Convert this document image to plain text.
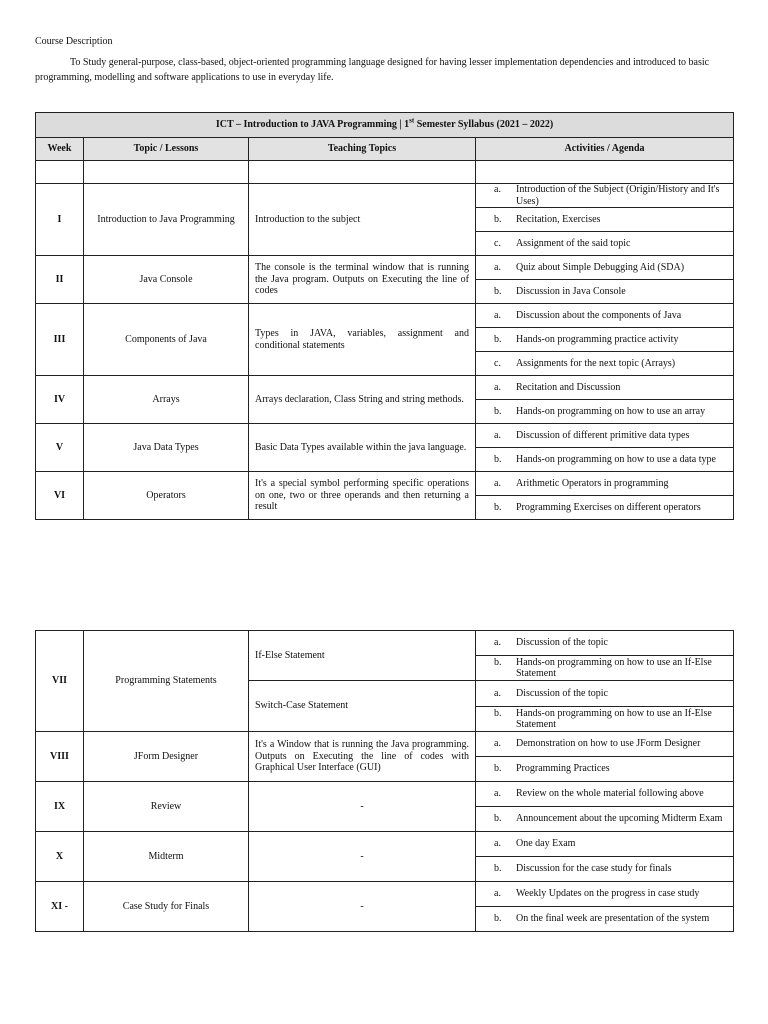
Course Description

To Study general-purpose, class-based, object-oriented programming language designed for having lesser implementation dependencies and introduced to basic programming, modelling and software applications to use in everyday life.

ICT – Introduction to JAVA Programming | 1st Semester Syllabus (2021 – 2022)			
Week	Topic / Lessons	Teaching Topics	Activities / Agenda

I	Introduction to Java Programming	Introduction to the subject	a. Introduction of the Subject (Origin/History and It's Uses)

			b. Recitation, Exercises

			c. Assignment of the said topic

II	Java Console	The console is the terminal window that is running the Java program. Outputs on Executing the line of codes	a. Quiz about Simple Debugging Aid (SDA)

			b. Discussion in Java Console

III	Components of Java	Types in JAVA, variables, assignment and conditional statements	a. Discussion about the components of Java

			b. Hands-on programming practice activity

			c. Assignments for the next topic (Arrays)

IV	Arrays	Arrays declaration, Class String and string methods.	a. Recitation and Discussion

			b. Hands-on programming on how to use an array

V	Java Data Types	Basic Data Types available within the java language.	a. Discussion of different primitive data types

			b. Hands-on programming on how to use a data type

VI	Operators	It's a special symbol performing specific operations on one, two or three operands and then returning a result	a. Arithmetic Operators in programming

			b. Programming Exercises on different operators
VII	Programming Statements	If-Else Statement	a. Discussion of the topic

			b. Hands-on programming on how to use an If-Else Statement

		Switch-Case Statement	a. Discussion of the topic

			b. Hands-on programming on how to use an If-Else Statement

VIII	JForm Designer	It's a Window that is running the Java programming. Outputs on Executing the line of codes with Graphical User Interface (GUI)	a. Demonstration on how to use JForm Designer

			b. Programming Practices

IX	Review	-	a. Review on the whole material following above

			b. Announcement about the upcoming Midterm Exam

X	Midterm	-	a. One day Exam

			b. Discussion for the case study for finals

XI -	Case Study for Finals	-	a. Weekly Updates on the progress in case study

			b. On the final week are presentation of the system
